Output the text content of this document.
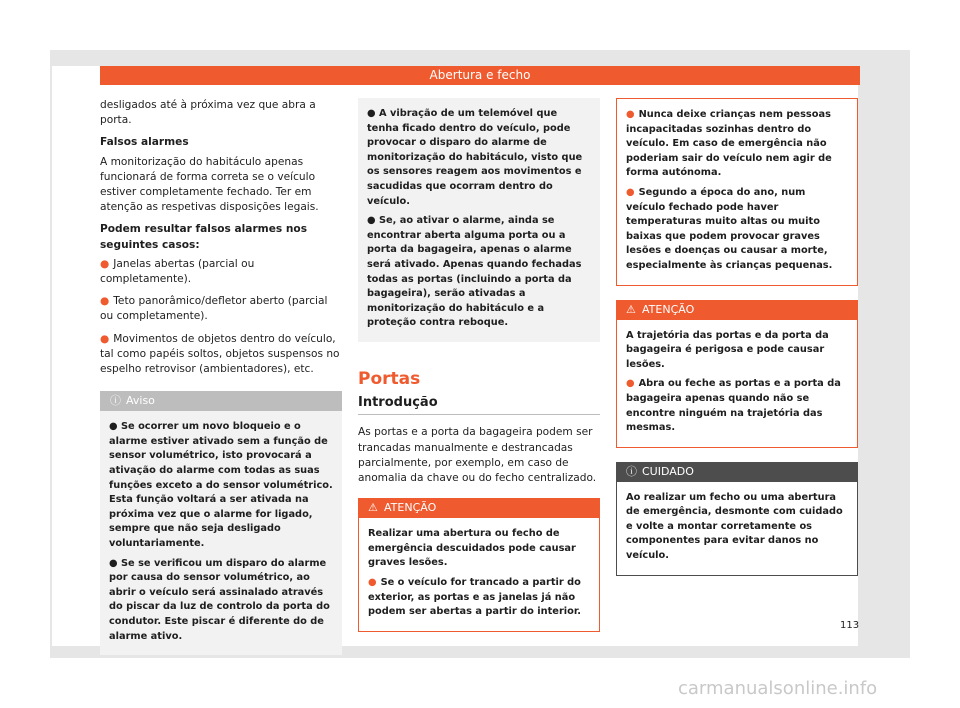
Abertura e fecho

desligados até à próxima vez que abra a porta.

Falsos alarmes

A monitorização do habitáculo apenas funcionará de forma correta se o veículo estiver completamente fechado. Ter em atenção as respetivas disposições legais.

Podem resultar falsos alarmes nos seguintes casos:

● Janelas abertas (parcial ou completamente).

● Teto panorâmico/defletor aberto (parcial ou completamente).

● Movimentos de objetos dentro do veículo, tal como papéis soltos, objetos suspensos no espelho retrovisor (ambientadores), etc.

ⓘ Aviso

● Se ocorrer um novo bloqueio e o alarme estiver ativado sem a função de sensor volumétrico, isto provocará a ativação do alarme com todas as suas funções exceto a do sensor volumétrico. Esta função voltará a ser ativada na próxima vez que o alarme for ligado, sempre que não seja desligado voluntariamente.

● Se se verificou um disparo do alarme por causa do sensor volumétrico, ao abrir o veículo será assinalado através do piscar da luz de controlo da porta do condutor. Este piscar é diferente do de alarme ativo.

● A vibração de um telemóvel que tenha ficado dentro do veículo, pode provocar o disparo do alarme de monitorização do habitáculo, visto que os sensores reagem aos movimentos e sacudidas que ocorram dentro do veículo.

● Se, ao ativar o alarme, ainda se encontrar aberta alguma porta ou a porta da bagageira, apenas o alarme será ativado. Apenas quando fechadas todas as portas (incluindo a porta da bagageira), serão ativadas a monitorização do habitáculo e a proteção contra reboque.

Portas
Introdução

As portas e a porta da bagageira podem ser trancadas manualmente e destrancadas parcialmente, por exemplo, em caso de anomalia da chave ou do fecho centralizado.

⚠ ATENÇÃO

Realizar uma abertura ou fecho de emergência descuidados pode causar graves lesões.

● Se o veículo for trancado a partir do exterior, as portas e as janelas já não podem ser abertas a partir do interior.

● Nunca deixe crianças nem pessoas incapacitadas sozinhas dentro do veículo. Em caso de emergência não poderiam sair do veículo nem agir de forma autónoma.

● Segundo a época do ano, num veículo fechado pode haver temperaturas muito altas ou muito baixas que podem provocar graves lesões e doenças ou causar a morte, especialmente às crianças pequenas.

⚠ ATENÇÃO

A trajetória das portas e da porta da bagageira é perigosa e pode causar lesões.

● Abra ou feche as portas e a porta da bagageira apenas quando não se encontre ninguém na trajetória das mesmas.

ⓘ CUIDADO

Ao realizar um fecho ou uma abertura de emergência, desmonte com cuidado e volte a montar corretamente os componentes para evitar danos no veículo.

113
carmanualsonline.info
